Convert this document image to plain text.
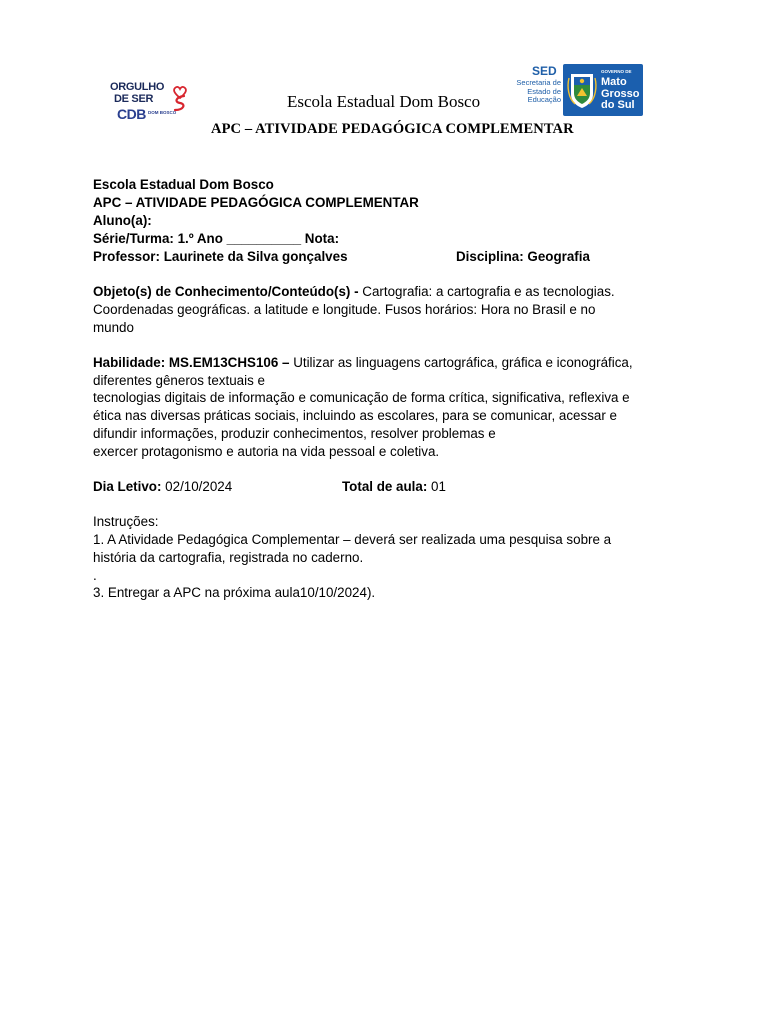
ORGULHO
DE SER
CDB DOM BOSCO
Escola Estadual Dom Bosco
APC – ATIVIDADE PEDAGÓGICA COMPLEMENTAR
SED
Secretaria de
Estado de
Educação
GOVERNO DE
Mato
Grosso
do Sul
Escola Estadual Dom Bosco
APC – ATIVIDADE PEDAGÓGICA COMPLEMENTAR
Aluno(a):
Série/Turma: 1.º Ano __________ Nota:
Professor: Laurinete da Silva gonçalves	Disciplina: Geografia
Objeto(s) de Conhecimento/Conteúdo(s) - Cartografia: a cartografia e as tecnologias.
Coordenadas geográficas. a latitude e longitude. Fusos horários: Hora no Brasil e no
mundo
Habilidade: MS.EM13CHS106 – Utilizar as linguagens cartográfica, gráfica e iconográfica,
diferentes gêneros textuais e
tecnologias digitais de informação e comunicação de forma crítica, significativa, reflexiva e
ética nas diversas práticas sociais, incluindo as escolares, para se comunicar, acessar e
difundir informações, produzir conhecimentos, resolver problemas e
exercer protagonismo e autoria na vida pessoal e coletiva.
Dia Letivo: 02/10/2024	Total de aula: 01
Instruções:
1. A Atividade Pedagógica Complementar – deverá ser realizada uma pesquisa sobre a
história da cartografia, registrada no caderno.
.
3. Entregar a APC na próxima aula10/10/2024).
